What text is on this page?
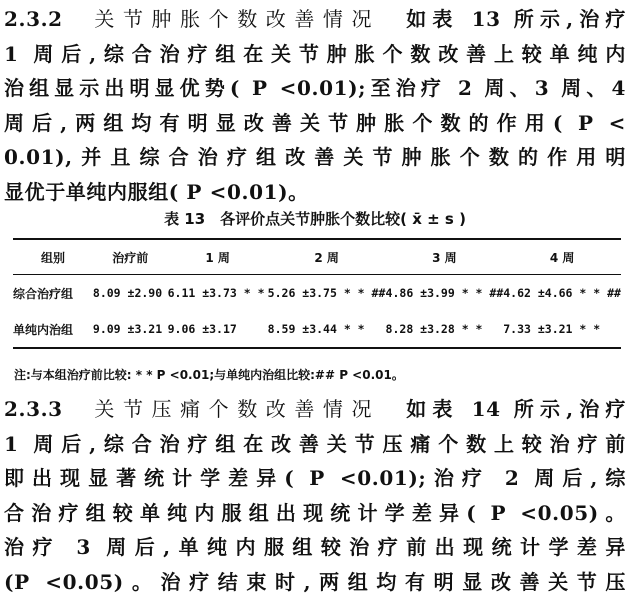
2.3.2　 关节肿胀个数改善情况　 如表 13 所示,治疗
1 周后,综合治疗组在关节肿胀个数改善上较单纯内
治组显示出明显优势( P <0.01);至治疗 2 周、3 周、4
周后,两组均有明显改善关节肿胀个数的作用( P <
0.01),并且综合治疗组改善关节肿胀个数的作用明
显优于单纯内服组( P <0.01)。
表 13　各评价点关节肿胀个数比较( x̄ ± s )
组别	治疗前	1 周	2 周	3 周	4 周
综合治疗组	8.09 ±2.90	6.11 ±3.73 * *	5.26 ±3.75 * * ##	4.86 ±3.99 * * ##	4.62 ±4.66 * * ##
单纯内治组	9.09 ±3.21	9.06 ±3.17	8.59 ±3.44 * *	8.28 ±3.28 * *	7.33 ±3.21 * *
注:与本组治疗前比较: * * P <0.01;与单纯内治组比较:## P <0.01。
2.3.3　 关节压痛个数改善情况　 如表 14 所示,治疗
1 周后,综合治疗组在改善关节压痛个数上较治疗前
即出现显著统计学差异( P <0.01);治疗 2 周后,综
合治疗组较单纯内服组出现统计学差异( P <0.05)。
治疗 3 周后,单纯内服组较治疗前出现统计学差异
(P <0.05)。治疗结束时,两组均有明显改善关节压
